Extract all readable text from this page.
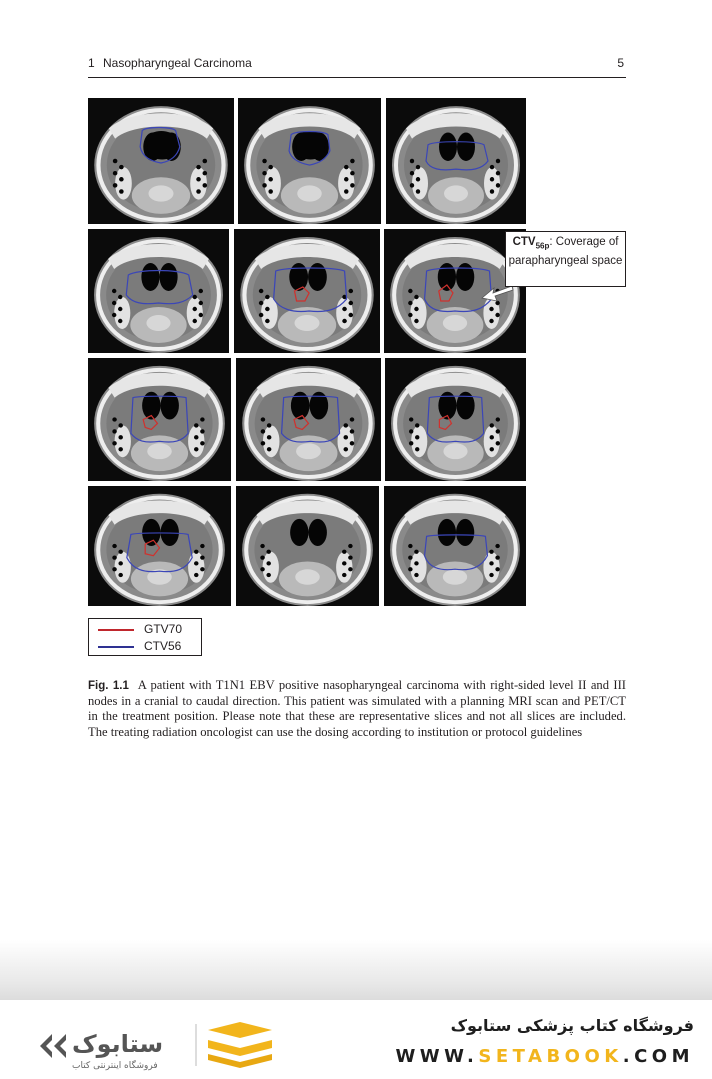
1 Nasopharyngeal Carcinoma	5
$CTV_{56p}$: Coverage of parapharyngeal space
GTV70
CTV56

Fig. 1.1 A patient with T1N1 EBV positive nasopharyngeal carcinoma with right-sided level II and III nodes in a cranial to caudal direction. This patient was simulated with a planning MRI scan and PET/CT in the treatment position. Please note that these are representative slices and not all slices are included. The treating radiation oncologist can use the dosing according to institution or protocol guidelines

ستابوک
فروشگاه اینترنتی کتاب
فروشگاه کتاب پزشکی ستابوک
WWW.SETABOOK.COM
